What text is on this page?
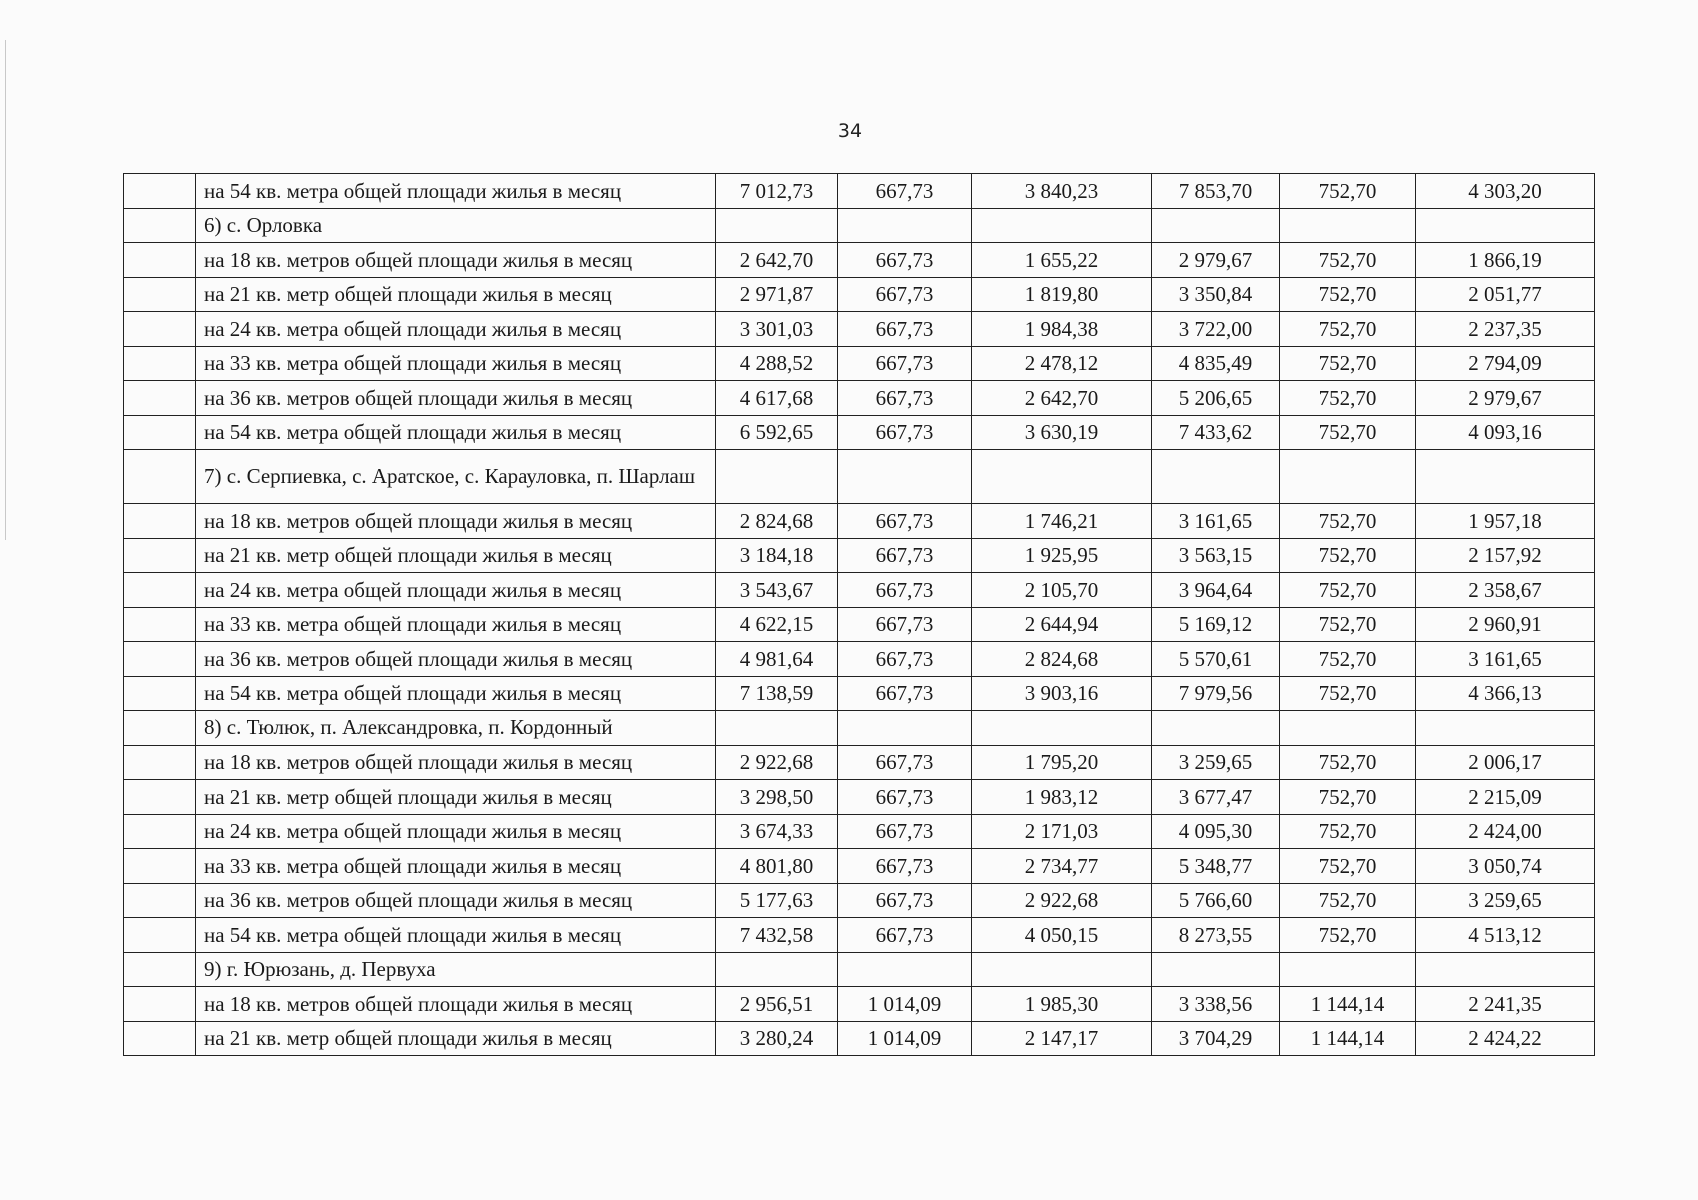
34
	на 54 кв. метра общей площади жилья в месяц	7 012,73	667,73	3 840,23	7 853,70	752,70	4 303,20
	6) с. Орловка						
	на 18 кв. метров общей площади жилья в месяц	2 642,70	667,73	1 655,22	2 979,67	752,70	1 866,19
	на 21 кв. метр общей площади жилья в месяц	2 971,87	667,73	1 819,80	3 350,84	752,70	2 051,77
	на 24 кв. метра общей площади жилья в месяц	3 301,03	667,73	1 984,38	3 722,00	752,70	2 237,35
	на 33 кв. метра общей площади жилья в месяц	4 288,52	667,73	2 478,12	4 835,49	752,70	2 794,09
	на 36 кв. метров общей площади жилья в месяц	4 617,68	667,73	2 642,70	5 206,65	752,70	2 979,67
	на 54 кв. метра общей площади жилья в месяц	6 592,65	667,73	3 630,19	7 433,62	752,70	4 093,16
	7) с. Серпиевка, с. Аратское, с. Карауловка, п. Шарлаш						
	на 18 кв. метров общей площади жилья в месяц	2 824,68	667,73	1 746,21	3 161,65	752,70	1 957,18
	на 21 кв. метр общей площади жилья в месяц	3 184,18	667,73	1 925,95	3 563,15	752,70	2 157,92
	на 24 кв. метра общей площади жилья в месяц	3 543,67	667,73	2 105,70	3 964,64	752,70	2 358,67
	на 33 кв. метра общей площади жилья в месяц	4 622,15	667,73	2 644,94	5 169,12	752,70	2 960,91
	на 36 кв. метров общей площади жилья в месяц	4 981,64	667,73	2 824,68	5 570,61	752,70	3 161,65
	на 54 кв. метра общей площади жилья в месяц	7 138,59	667,73	3 903,16	7 979,56	752,70	4 366,13
	8) с. Тюлюк, п. Александровка, п. Кордонный						
	на 18 кв. метров общей площади жилья в месяц	2 922,68	667,73	1 795,20	3 259,65	752,70	2 006,17
	на 21 кв. метр общей площади жилья в месяц	3 298,50	667,73	1 983,12	3 677,47	752,70	2 215,09
	на 24 кв. метра общей площади жилья в месяц	3 674,33	667,73	2 171,03	4 095,30	752,70	2 424,00
	на 33 кв. метра общей площади жилья в месяц	4 801,80	667,73	2 734,77	5 348,77	752,70	3 050,74
	на 36 кв. метров общей площади жилья в месяц	5 177,63	667,73	2 922,68	5 766,60	752,70	3 259,65
	на 54 кв. метра общей площади жилья в месяц	7 432,58	667,73	4 050,15	8 273,55	752,70	4 513,12
	9) г. Юрюзань, д. Первуха						
	на 18 кв. метров общей площади жилья в месяц	2 956,51	1 014,09	1 985,30	3 338,56	1 144,14	2 241,35
	на 21 кв. метр общей площади жилья в месяц	3 280,24	1 014,09	2 147,17	3 704,29	1 144,14	2 424,22
